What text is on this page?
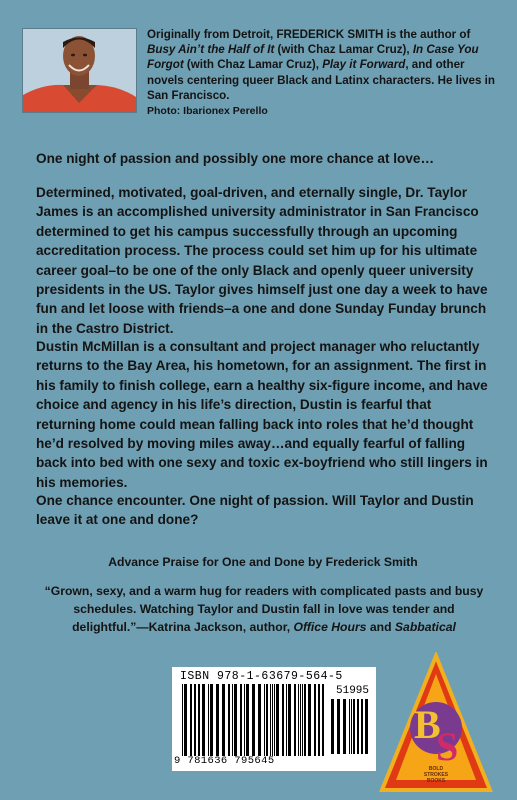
Originally from Detroit, FREDERICK SMITH is the author of Busy Ain’t the Half of It (with Chaz Lamar Cruz), In Case You Forgot (with Chaz Lamar Cruz), Play it Forward, and other novels centering queer Black and Latinx characters. He lives in San Francisco.
Photo: Ibarionex Perello

One night of passion and possibly one more chance at love…

Determined, motivated, goal-driven, and eternally single, Dr. Taylor James is an accomplished university administrator in San Francisco determined to get his campus successfully through an upcoming accreditation process. The process could set him up for his ultimate career goal–to be one of the only Black and openly queer university presidents in the US. Taylor gives himself just one day a week to have fun and let loose with friends–a one and done Sunday Funday brunch in the Castro District.

Dustin McMillan is a consultant and project manager who reluctantly returns to the Bay Area, his hometown, for an assignment. The first in his family to finish college, earn a healthy six-figure income, and have choice and agency in his life’s direction, Dustin is fearful that returning home could mean falling back into roles that he’d thought he’d resolved by moving miles away…and equally fearful of falling back into bed with one sexy and toxic ex-boyfriend who still lingers in his memories.

One chance encounter. One night of passion. Will Taylor and Dustin leave it at one and done?

Advance Praise for One and Done by Frederick Smith
“Grown, sexy, and a warm hug for readers with complicated pasts and busy schedules. Watching Taylor and Dustin fall in love was tender and delightful.”—Katrina Jackson, author, Office Hours and Sabbatical
ISBN 978-1-63679-564-5
51995
9 781636 795645
B
S
BOLD
STROKES
BOOKS
